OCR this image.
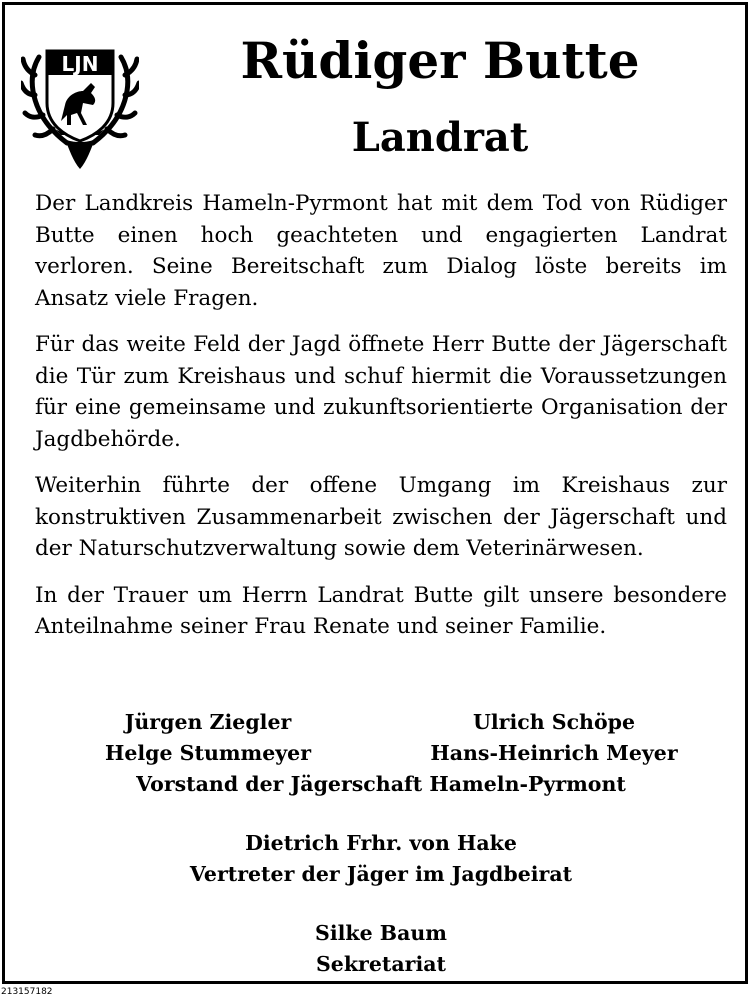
LJN	Rüdiger Butte
Landrat

Der Landkreis Hameln-Pyrmont hat mit dem Tod von Rüdiger Butte einen hoch geachteten und engagierten Landrat verloren. Seine Bereitschaft zum Dialog löste bereits im Ansatz viele Fragen.

Für das weite Feld der Jagd öffnete Herr Butte der Jägerschaft die Tür zum Kreishaus und schuf hiermit die Voraussetzungen für eine gemeinsame und zukunftsorientierte Organisation der Jagdbehörde.

Weiterhin führte der offene Umgang im Kreishaus zur konstruktiven Zusammenarbeit zwischen der Jägerschaft und der Naturschutzverwaltung sowie dem Veterinärwesen.

In der Trauer um Herrn Landrat Butte gilt unsere besondere Anteilnahme seiner Frau Renate und seiner Familie.

Jürgen Ziegler	Ulrich Schöpe
Helge Stummeyer	Hans-Heinrich Meyer
Vorstand der Jägerschaft Hameln-Pyrmont
Dietrich Frhr. von Hake
Vertreter der Jäger im Jagdbeirat
Silke Baum
Sekretariat
213157182
